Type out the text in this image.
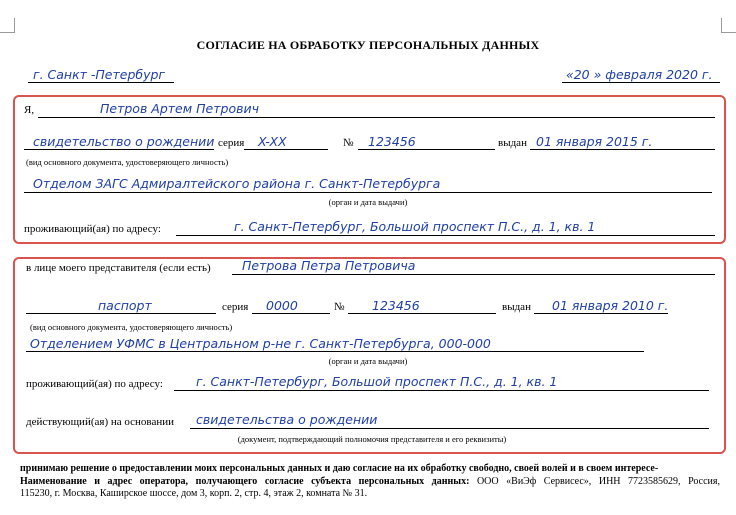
СОГЛАСИЕ НА ОБРАБОТКУ ПЕРСОНАЛЬНЫХ ДАННЫХ
г. Санкт -Петербург	«20 » февраля 2020 г.
Я,	Петров Артем Петрович
свидетельство о рождении серия X-XX	№ 123456	выдан 01 января 2015 г.
(вид основного документа, удостоверяющего личность)
Отделом ЗАГС Адмиралтейского района г. Санкт-Петербурга
(орган и дата выдачи)
проживающий(ая) по адресу:	г. Санкт-Петербург, Большой проспект П.С., д. 1, кв. 1
в лице моего представителя (если есть)	Петрова Петра Петровича
паспорт	серия 0000	№ 123456	выдан 01 января 2010 г.
(вид основного документа, удостоверяющего личность)
Отделением УФМС в Центральном р-не г. Санкт-Петербурга, 000-000
(орган и дата выдачи)
проживающий(ая) по адресу:	г. Санкт-Петербург, Большой проспект П.С., д. 1, кв. 1
действующий(ая) на основании свидетельства о рождении
(документ, подтверждающий полномочия представителя и его реквизиты)
принимаю решение о предоставлении моих персональных данных и даю согласие на их обработку свободно, своей волей и в своем интересе-
Наименование и адрес оператора, получающего согласие субъекта персональных данных: ООО «ВиЭф Сервисес», ИНН 7723585629, Россия,
115230, г. Москва, Каширское шоссе, дом 3, корп. 2, стр. 4, этаж 2, комната № 31.
